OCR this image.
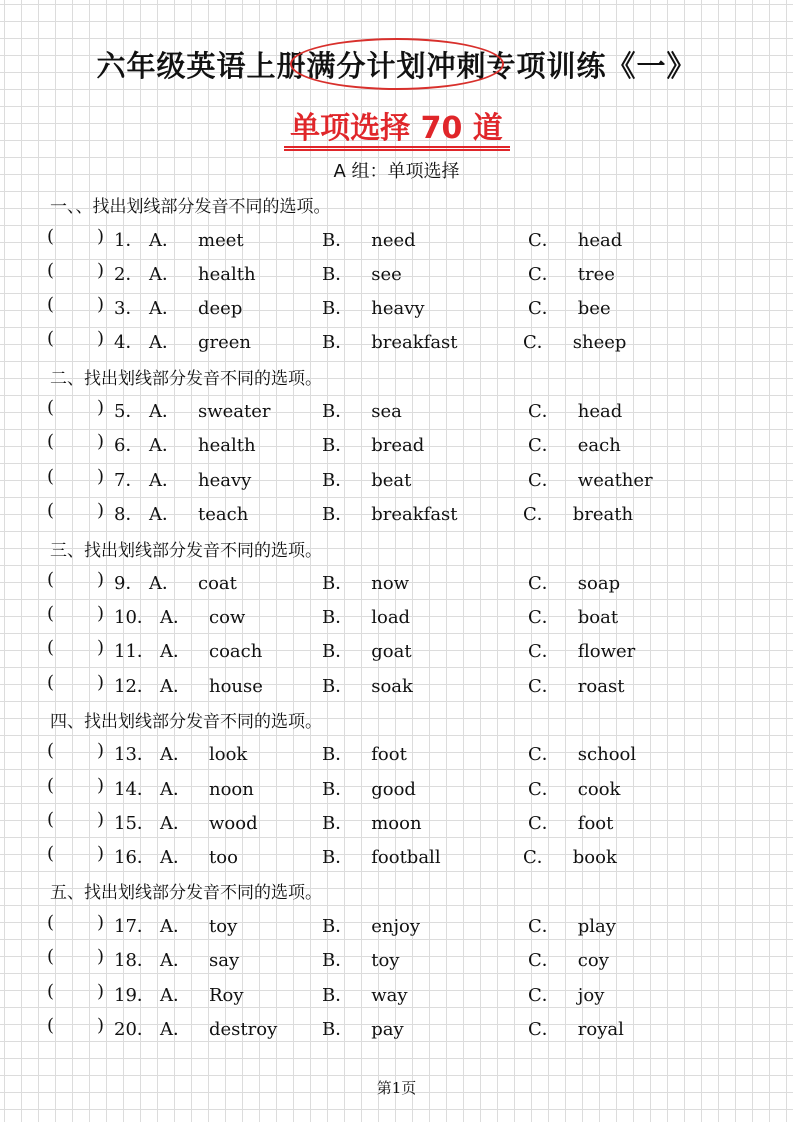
六年级英语上册满分计划冲刺专项训练《一》
单项选择 70 道
A 组：单项选择
一、、找出划线部分发音不同的选项。
( ) 1． A． meet	B． need	C． head
( ) 2． A． health	B． see	C． tree
( ) 3． A． deep	B． heavy	C． bee
( ) 4． A． green	B． breakfast	C． sheep
二、找出划线部分发音不同的选项。
( ) 5． A． sweater	B． sea	C． head
( ) 6． A． health	B． bread	C． each
( ) 7． A． heavy	B． beat	C． weather
( ) 8． A． teach	B． breakfast	C． breath
三、找出划线部分发音不同的选项。
( ) 9． A． coat	B． now	C． soap
( ) 10． A． cow	B． load	C． boat
( ) 11． A． coach	B． goat	C． flower
( ) 12． A． house	B． soak	C． roast
四、找出划线部分发音不同的选项。
( ) 13． A． look	B． foot	C． school
( ) 14． A． noon	B． good	C． cook
( ) 15． A． wood	B． moon	C． foot
( ) 16． A． too	B． football	C． book
五、找出划线部分发音不同的选项。
( ) 17． A． toy	B． enjoy	C． play
( ) 18． A． say	B． toy	C． coy
( ) 19． A． Roy	B． way	C． joy
( ) 20． A． destroy B． pay	C． royal
第1页
